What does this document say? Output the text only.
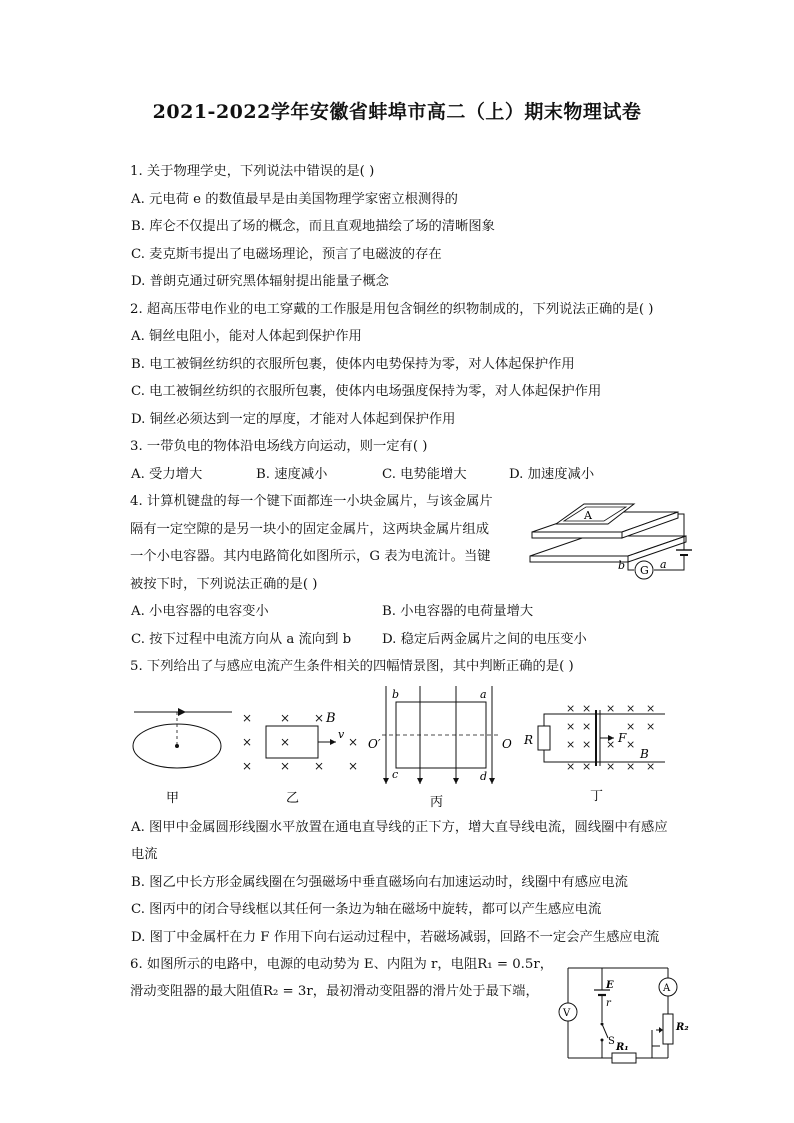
2021-2022学年安徽省蚌埠市高二（上）期末物理试卷
1. 关于物理学史，下列说法中错误的是( )
A. 元电荷 e 的数值最早是由美国物理学家密立根测得的
B. 库仑不仅提出了场的概念，而且直观地描绘了场的清晰图象
C. 麦克斯韦提出了电磁场理论，预言了电磁波的存在
D. 普朗克通过研究黑体辐射提出能量子概念
2. 超高压带电作业的电工穿戴的工作服是用包含铜丝的织物制成的，下列说法正确的是( )
A. 铜丝电阻小，能对人体起到保护作用
B. 电工被铜丝纺织的衣服所包裹，使体内电势保持为零，对人体起保护作用
C. 电工被铜丝纺织的衣服所包裹，使体内电场强度保持为零，对人体起保护作用
D. 铜丝必须达到一定的厚度，才能对人体起到保护作用
3. 一带负电的物体沿电场线方向运动，则一定有( )
A. 受力增大	B. 速度减小	C. 电势能增大	D. 加速度减小
4. 计算机键盘的每一个键下面都连一小块金属片，与该金属片
隔有一定空隙的是另一块小的固定金属片，这两块金属片组成
一个小电容器。其内电路简化如图所示，G 表为电流计。当键
被按下时，下列说法正确的是( )
A. 小电容器的电容变小	B. 小电容器的电荷量增大
C. 按下过程中电流方向从 a 流向到 b D. 稳定后两金属片之间的电压变小
A
G
b	a
5. 下列给出了与感应电流产生条件相关的四幅情景图，其中判断正确的是( )
甲
× × ×
× ×	×
× × × ×
B
v
乙
b	a
c	d
O′	O
丙
R
× × × × ×
× ×	× ×
× × × ×
× × × × ×
F
B
丁
A. 图甲中金属圆形线圈水平放置在通电直导线的正下方，增大直导线电流，圆线圈中有感应
电流
B. 图乙中长方形金属线圈在匀强磁场中垂直磁场向右加速运动时，线圈中有感应电流
C. 图丙中的闭合导线框以其任何一条边为轴在磁场中旋转，都可以产生感应电流
D. 图丁中金属杆在力 F 作用下向右运动过程中，若磁场减弱，回路不一定会产生感应电流
6. 如图所示的电路中，电源的电动势为 E、内阻为 r，电阻R₁ = 0.5r，
滑动变阻器的最大阻值R₂ = 3r，最初滑动变阻器的滑片处于最下端，
V
A
E
r
S
R₁
R₂
